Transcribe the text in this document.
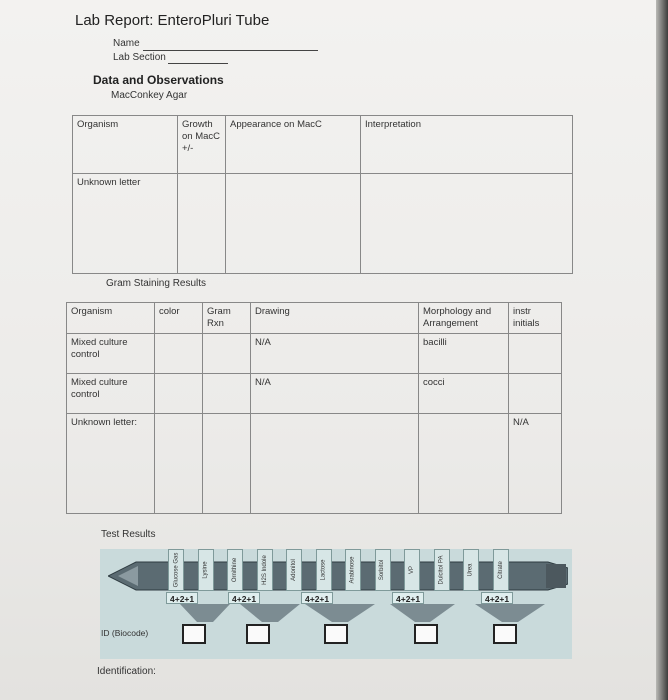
Lab Report: EnteroPluri Tube
Name
Lab Section
Data and Observations
MacConkey Agar
Organism	Growth on MacC +/-	Appearance on MacC	Interpretation
Unknown letter			
Gram Staining Results
Organism	color	Gram Rxn	Drawing	Morphology and Arrangement	instr initials
Mixed culture control			N/A	bacilli	
Mixed culture control			N/A	cocci	
Unknown letter:					N/A
Test Results
Glucose Gas	Lysine	Ornithine	H2S Indole	Adonitol	Lactose	Arabinose	Sorbitol	VP	Dulcitol PA	Urea	Citrate
4+2+1	4+2+1	4+2+1	4+2+1	4+2+1
ID (Biocode)
Identification:
